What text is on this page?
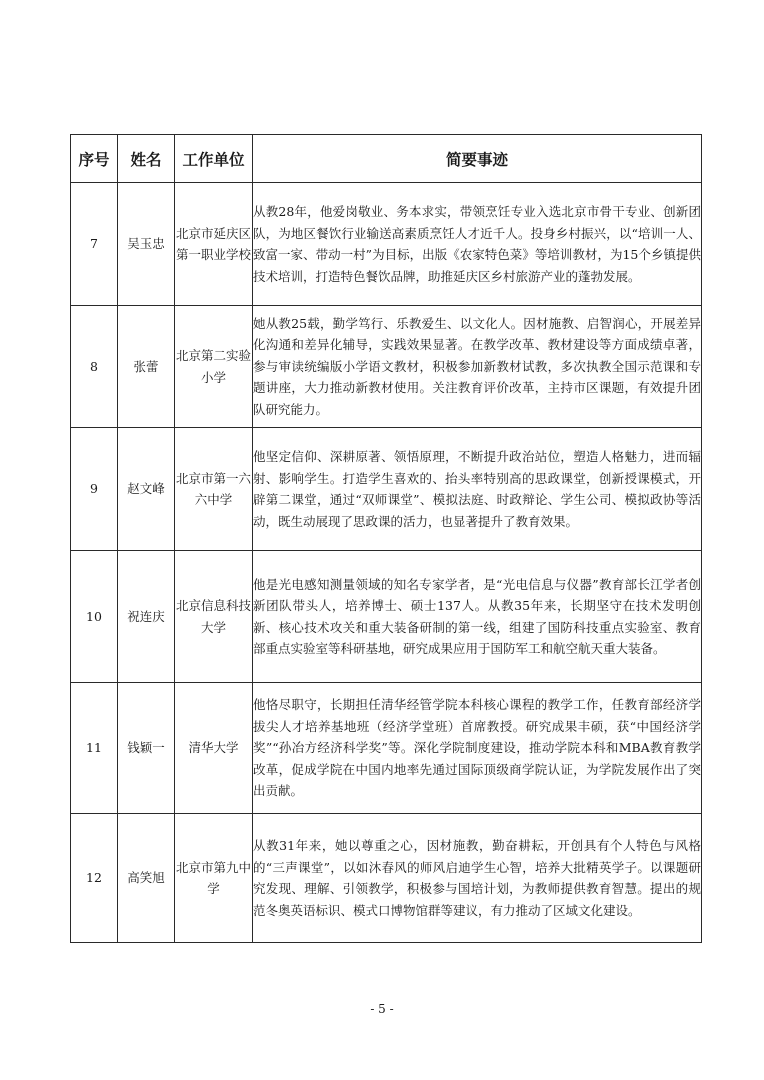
序号	姓名	工作单位	简要事迹
7	吴玉忠	北京市延庆区第一职业学校	从教28年，他爱岗敬业、务本求实，带领烹饪专业入选北京市骨干专业、创新团队，为地区餐饮行业输送高素质烹饪人才近千人。投身乡村振兴，以“培训一人、致富一家、带动一村”为目标，出版《农家特色菜》等培训教材，为15个乡镇提供技术培训，打造特色餐饮品牌，助推延庆区乡村旅游产业的蓬勃发展。
8	张蕾	北京第二实验小学	她从教25载，勤学笃行、乐教爱生、以文化人。因材施教、启智润心，开展差异化沟通和差异化辅导，实践效果显著。在教学改革、教材建设等方面成绩卓著，参与审读统编版小学语文教材，积极参加新教材试教，多次执教全国示范课和专题讲座，大力推动新教材使用。关注教育评价改革，主持市区课题，有效提升团队研究能力。
9	赵文峰	北京市第一六六中学	他坚定信仰、深耕原著、领悟原理，不断提升政治站位，塑造人格魅力，进而辐射、影响学生。打造学生喜欢的、抬头率特别高的思政课堂，创新授课模式，开辟第二课堂，通过“双师课堂”、模拟法庭、时政辩论、学生公司、模拟政协等活动，既生动展现了思政课的活力，也显著提升了教育效果。
10	祝连庆	北京信息科技大学	他是光电感知测量领域的知名专家学者，是“光电信息与仪器”教育部长江学者创新团队带头人，培养博士、硕士137人。从教35年来，长期坚守在技术发明创新、核心技术攻关和重大装备研制的第一线，组建了国防科技重点实验室、教育部重点实验室等科研基地，研究成果应用于国防军工和航空航天重大装备。
11	钱颖一	清华大学	他恪尽职守，长期担任清华经管学院本科核心课程的教学工作，任教育部经济学拔尖人才培养基地班（经济学堂班）首席教授。研究成果丰硕，获“中国经济学奖”“孙冶方经济科学奖”等。深化学院制度建设，推动学院本科和MBA教育教学改革，促成学院在中国内地率先通过国际顶级商学院认证，为学院发展作出了突出贡献。
12	高笑旭	北京市第九中学	从教31年来，她以尊重之心，因材施教，勤奋耕耘，开创具有个人特色与风格的“三声课堂”，以如沐春风的师风启迪学生心智，培养大批精英学子。以课题研究发现、理解、引领教学，积极参与国培计划，为教师提供教育智慧。提出的规范冬奥英语标识、模式口博物馆群等建议，有力推动了区域文化建设。
- 5 -
